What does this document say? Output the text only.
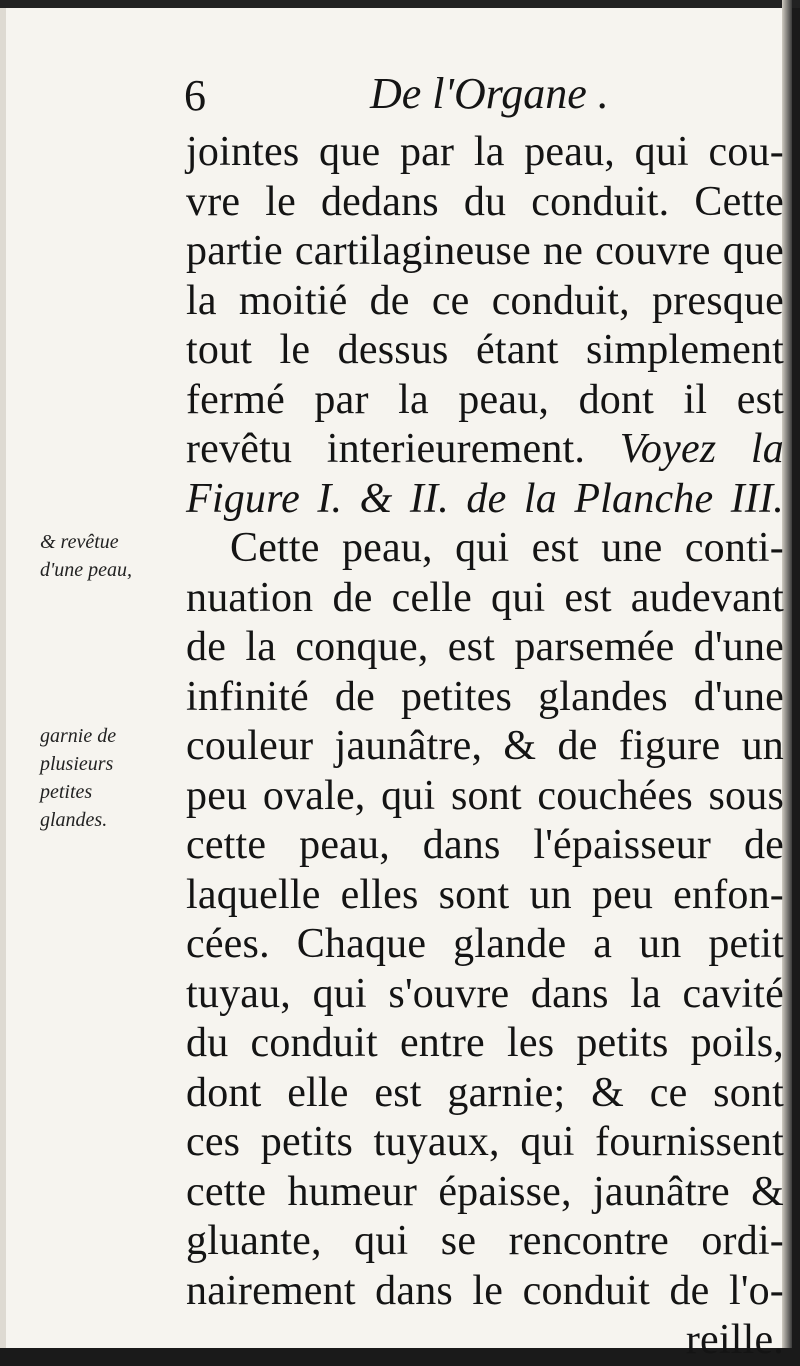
6	De l'Organe .
& revêtue
d'une peau,
garnie de
plusieurs
petites
glandes.
jointes que par la peau, qui cou-
vre le dedans du conduit. Cette
partie cartilagineuse ne couvre que
la moitié de ce conduit, presque
tout le dessus étant simplement
fermé par la peau, dont il est
revêtu interieurement. Voyez la
Figure I. & II. de la Planche III.
Cette peau, qui est une conti-
nuation de celle qui est audevant
de la conque, est parsemée d'une
infinité de petites glandes d'une
couleur jaunâtre, & de figure un
peu ovale, qui sont couchées sous
cette peau, dans l'épaisseur de
laquelle elles sont un peu enfon-
cées. Chaque glande a un petit
tuyau, qui s'ouvre dans la cavité
du conduit entre les petits poils,
dont elle est garnie; & ce sont
ces petits tuyaux, qui fournissent
cette humeur épaisse, jaunâtre &
gluante, qui se rencontre ordi-
nairement dans le conduit de l'o-
reille.
